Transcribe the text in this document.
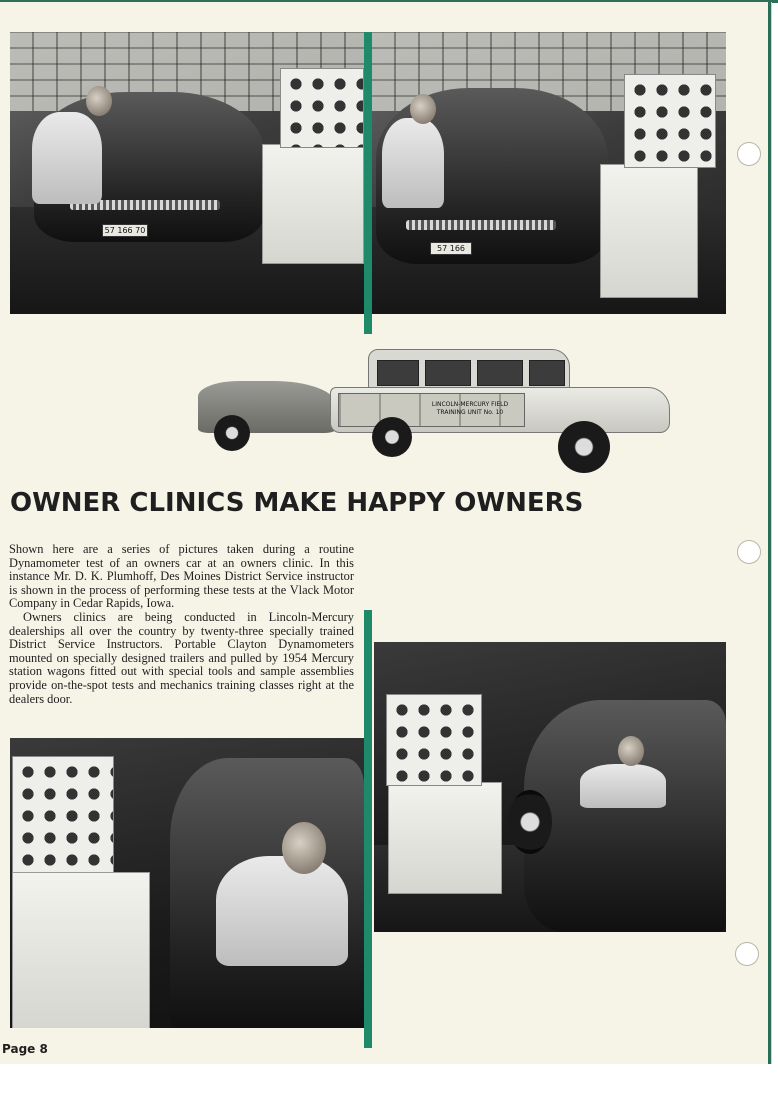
57 166 70
57 166 70
LINCOLN-MERCURY FIELD TRAINING UNIT No. 10
OWNER CLINICS MAKE HAPPY OWNERS

Shown here are a series of pictures taken during a routine Dynamometer test of an owners car at an owners clinic. In this instance Mr. D. K. Plumhoff, Des Moines District Service instructor is shown in the process of performing these tests at the Vlack Motor Company in Cedar Rapids, Iowa.

Owners clinics are being conducted in Lincoln-Mercury dealerships all over the country by twenty-three specially trained District Service Instructors. Portable Clayton Dynamometers mounted on specially designed trailers and pulled by 1954 Mercury station wagons fitted out with special tools and sample assemblies provide on-the-spot tests and mechanics training classes right at the dealers door.

Page 8
